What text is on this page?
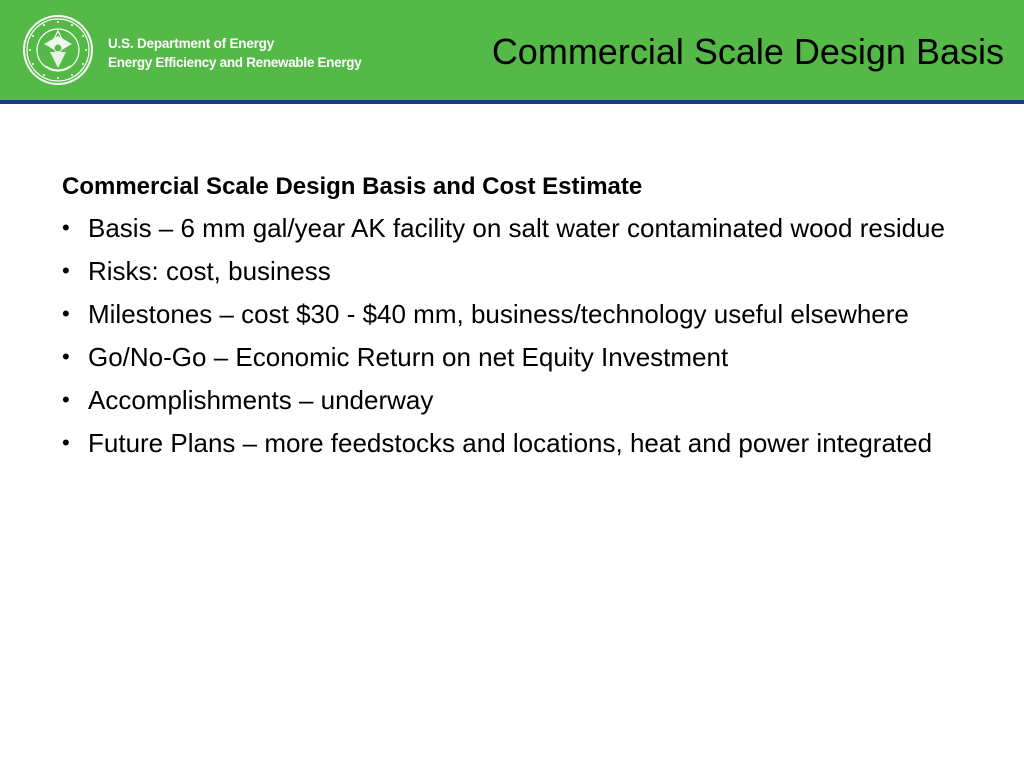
U.S. Department of Energy
Energy Efficiency and Renewable Energy	Commercial Scale Design Basis
Commercial Scale Design Basis and Cost Estimate
• Basis – 6 mm gal/year AK facility on salt water contaminated wood residue
• Risks: cost, business
• Milestones – cost $30 - $40 mm, business/technology useful elsewhere
• Go/No-Go – Economic Return on net Equity Investment
• Accomplishments – underway
• Future Plans – more feedstocks and locations, heat and power integrated
